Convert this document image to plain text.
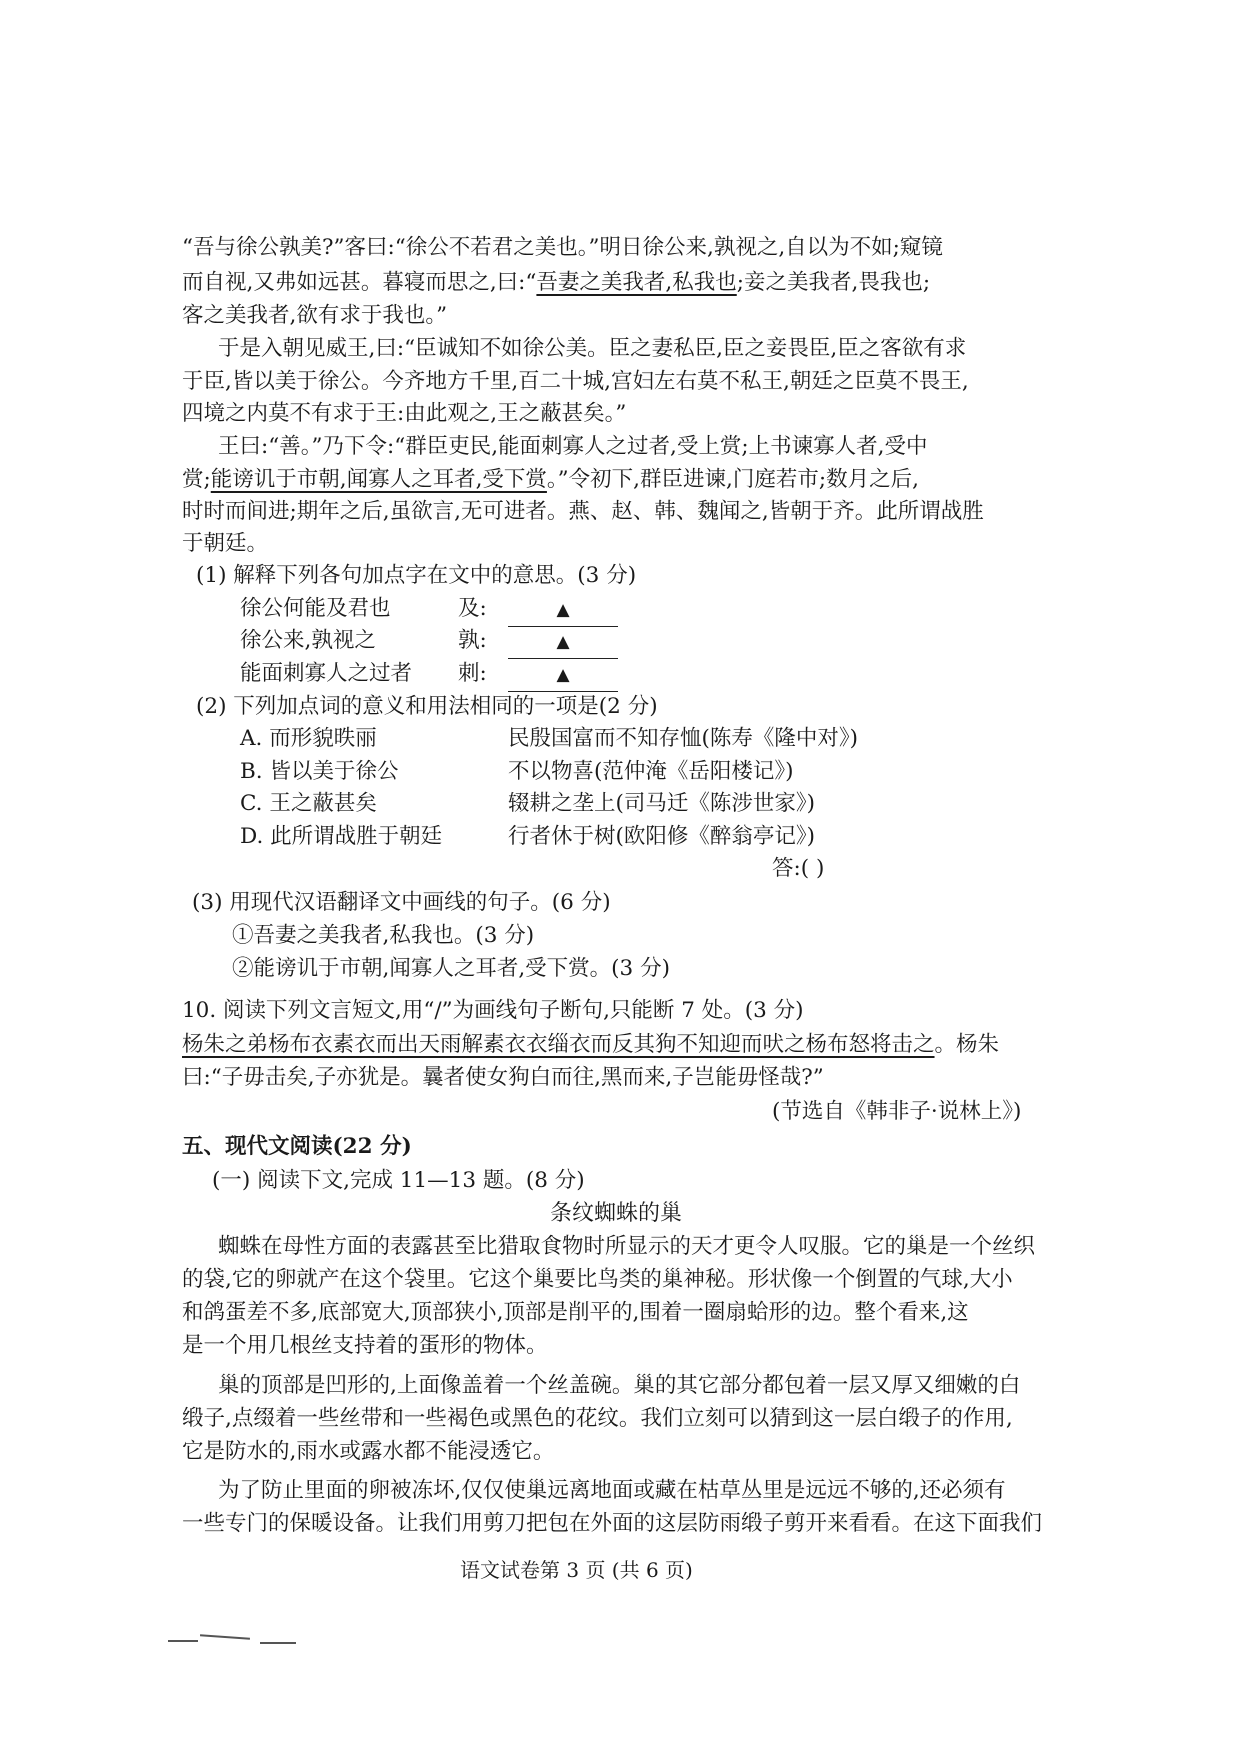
“吾与徐公孰美?”客曰:“徐公不若君之美也。”明日徐公来,孰视之,自以为不如;窥镜
而自视,又弗如远甚。暮寝而思之,曰:“吾妻之美我者,私我也;妾之美我者,畏我也;
客之美我者,欲有求于我也。”
于是入朝见威王,曰:“臣诚知不如徐公美。臣之妻私臣,臣之妾畏臣,臣之客欲有求
于臣,皆以美于徐公。今齐地方千里,百二十城,宫妇左右莫不私王,朝廷之臣莫不畏王,
四境之内莫不有求于王:由此观之,王之蔽甚矣。”
王曰:“善。”乃下令:“群臣吏民,能面刺寡人之过者,受上赏;上书谏寡人者,受中
赏;能谤讥于市朝,闻寡人之耳者,受下赏。”令初下,群臣进谏,门庭若市;数月之后,
时时而间进;期年之后,虽欲言,无可进者。燕、赵、韩、魏闻之,皆朝于齐。此所谓战胜
于朝廷。
(1) 解释下列各句加点字在文中的意思。(3 分)
徐公何能及君也	及:	▲
徐公来,孰视之	孰:	▲
能面刺寡人之过者 刺:	▲
(2) 下列加点词的意义和用法相同的一项是(2 分)
A. 而形貌昳丽	民殷国富而不知存恤(陈寿《隆中对》)
B. 皆以美于徐公	不以物喜(范仲淹《岳阳楼记》)
C. 王之蔽甚矣	辍耕之垄上(司马迁《陈涉世家》)
D. 此所谓战胜于朝廷	行者休于树(欧阳修《醉翁亭记》)
答:( )
(3) 用现代汉语翻译文中画线的句子。(6 分)
①吾妻之美我者,私我也。(3 分)
②能谤讥于市朝,闻寡人之耳者,受下赏。(3 分)
10. 阅读下列文言短文,用“/”为画线句子断句,只能断 7 处。(3 分)
杨朱之弟杨布衣素衣而出天雨解素衣衣缁衣而反其狗不知迎而吠之杨布怒将击之。杨朱
曰:“子毋击矣,子亦犹是。曩者使女狗白而往,黑而来,子岂能毋怪哉?”
(节选自《韩非子·说林上》)
五、现代文阅读(22 分)
(一) 阅读下文,完成 11—13 题。(8 分)
条纹蜘蛛的巢
蜘蛛在母性方面的表露甚至比猎取食物时所显示的天才更令人叹服。它的巢是一个丝织
的袋,它的卵就产在这个袋里。它这个巢要比鸟类的巢神秘。形状像一个倒置的气球,大小
和鸽蛋差不多,底部宽大,顶部狭小,顶部是削平的,围着一圈扇蛤形的边。整个看来,这
是一个用几根丝支持着的蛋形的物体。
巢的顶部是凹形的,上面像盖着一个丝盖碗。巢的其它部分都包着一层又厚又细嫩的白
缎子,点缀着一些丝带和一些褐色或黑色的花纹。我们立刻可以猜到这一层白缎子的作用,
它是防水的,雨水或露水都不能浸透它。
为了防止里面的卵被冻坏,仅仅使巢远离地面或藏在枯草丛里是远远不够的,还必须有
一些专门的保暖设备。让我们用剪刀把包在外面的这层防雨缎子剪开来看看。在这下面我们
语文试卷第 3 页 (共 6 页)
